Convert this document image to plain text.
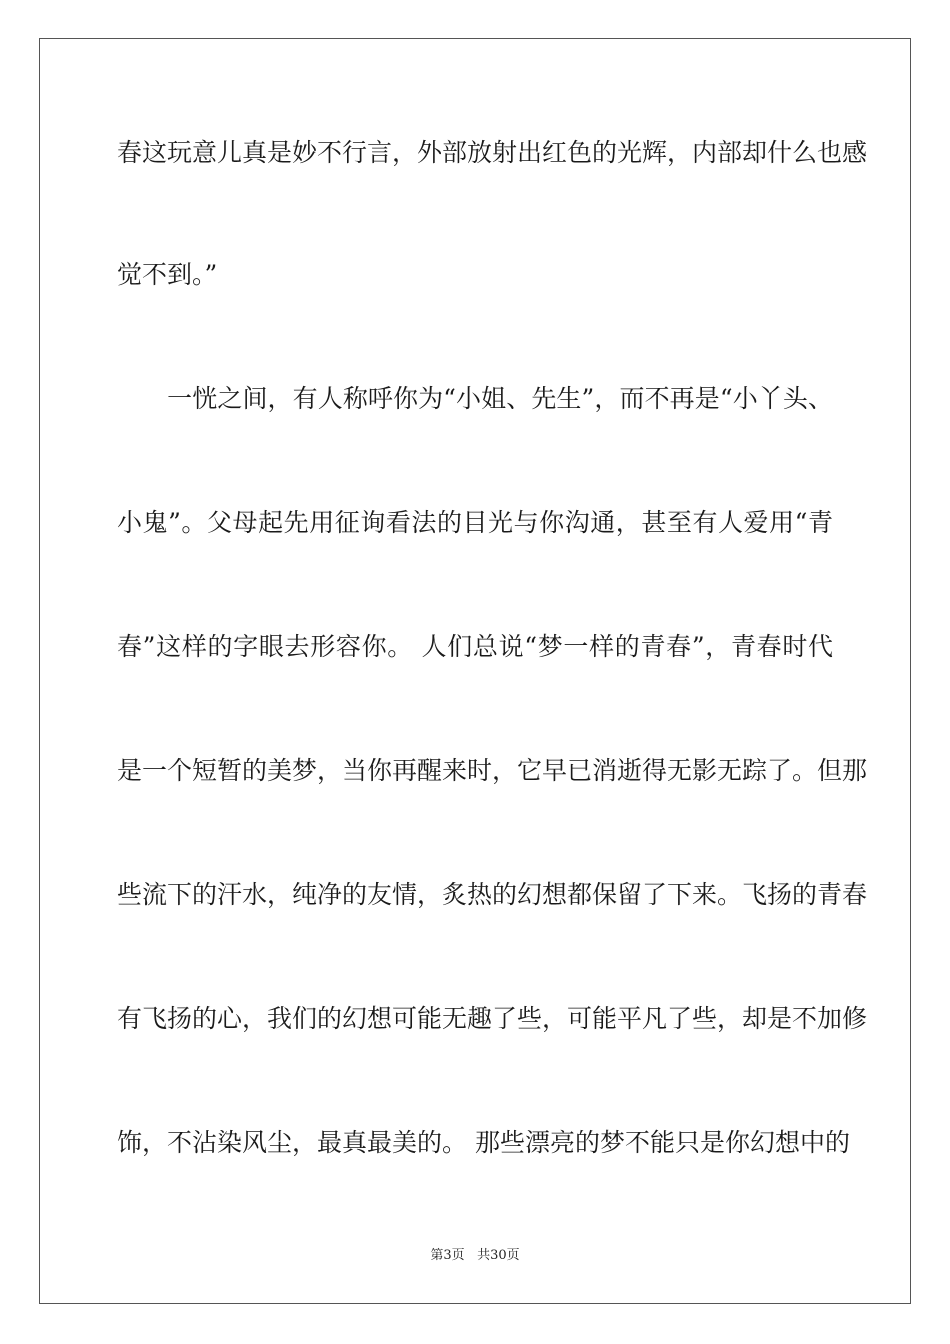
春这玩意儿真是妙不行言，外部放射出红色的光辉，内部却什么也感
觉不到。”
　　一恍之间，有人称呼你为“小姐、先生”，而不再是“小丫头、
小鬼”。父母起先用征询看法的目光与你沟通，甚至有人爱用“青
春”这样的字眼去形容你。 人们总说“梦一样的青春”，青春时代
是一个短暂的美梦，当你再醒来时，它早已消逝得无影无踪了。但那
些流下的汗水，纯净的友情，炙热的幻想都保留了下来。飞扬的青春
有飞扬的心，我们的幻想可能无趣了些，可能平凡了些，却是不加修
饰，不沾染风尘，最真最美的。 那些漂亮的梦不能只是你幻想中的
第3页 共30页
